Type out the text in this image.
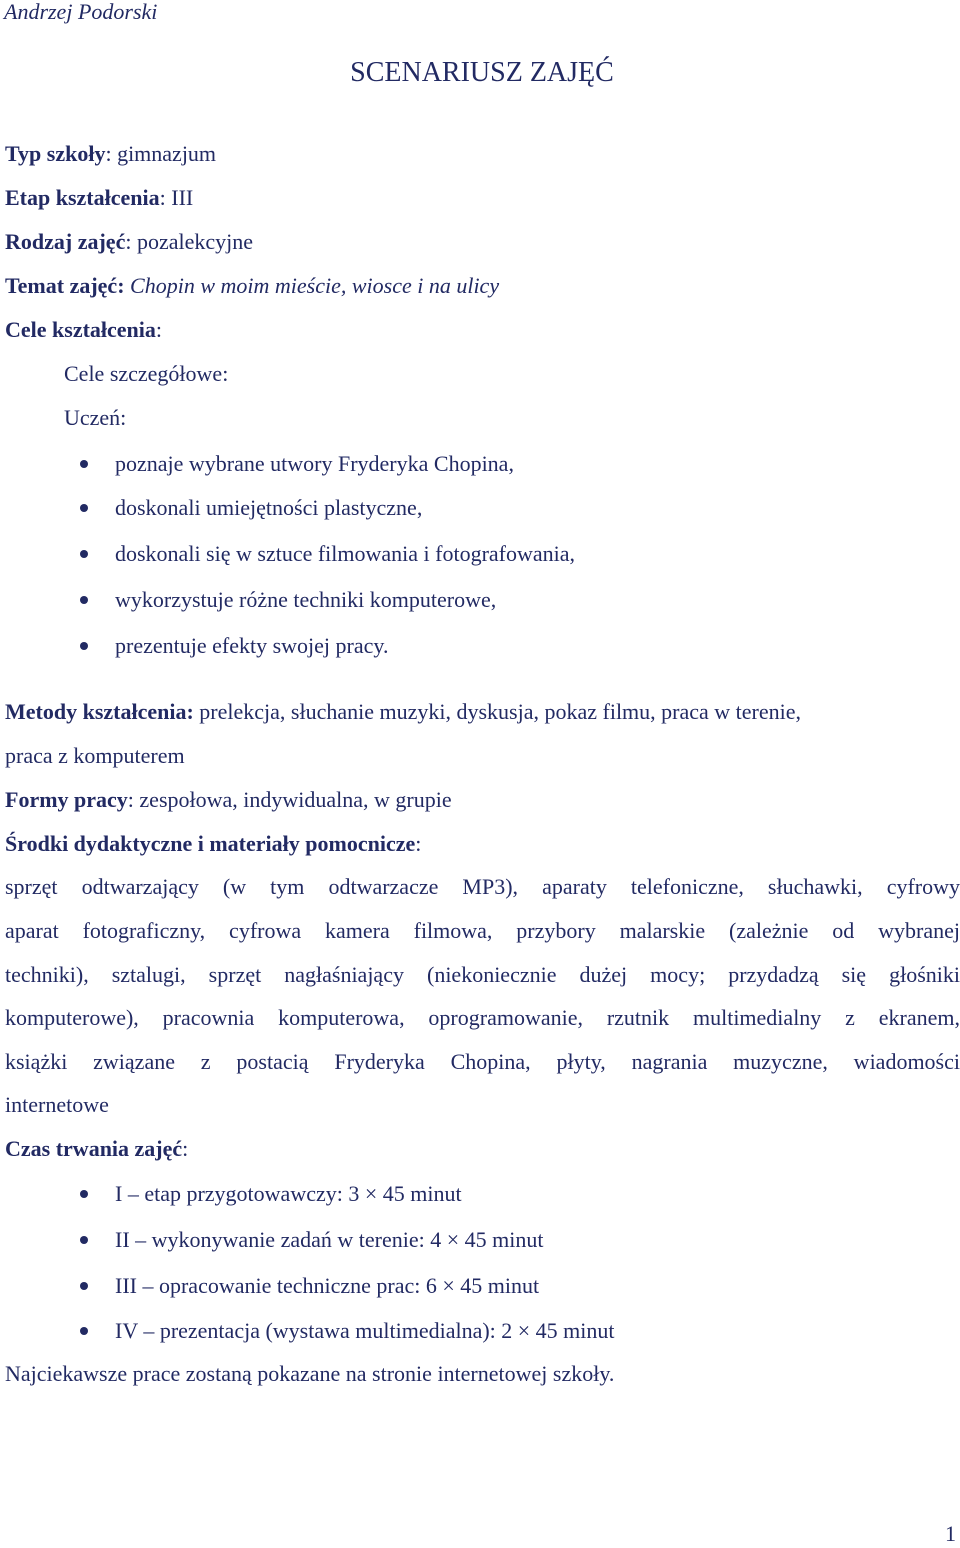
Andrzej Podorski
SCENARIUSZ ZAJĘĆ
Typ szkoły: gimnazjum
Etap kształcenia: III
Rodzaj zajęć: pozalekcyjne
Temat zajęć: Chopin w moim mieście, wiosce i na ulicy
Cele kształcenia:
Cele szczegółowe:
Uczeń:
poznaje wybrane utwory Fryderyka Chopina,
doskonali umiejętności plastyczne,
doskonali się w sztuce filmowania i fotografowania,
wykorzystuje różne techniki komputerowe,
prezentuje efekty swojej pracy.
Metody kształcenia: prelekcja, słuchanie muzyki, dyskusja, pokaz filmu, praca w terenie,
praca z komputerem
Formy pracy: zespołowa, indywidualna, w grupie
Środki dydaktyczne i materiały pomocnicze:
sprzęt odtwarzający (w tym odtwarzacze MP3), aparaty telefoniczne, słuchawki, cyfrowy
aparat fotograficzny, cyfrowa kamera filmowa, przybory malarskie (zależnie od wybranej
techniki), sztalugi, sprzęt nagłaśniający (niekoniecznie dużej mocy; przydadzą się głośniki
komputerowe), pracownia komputerowa, oprogramowanie, rzutnik multimedialny z ekranem,
książki związane z postacią Fryderyka Chopina, płyty, nagrania muzyczne, wiadomości
internetowe
Czas trwania zajęć:
I – etap przygotowawczy: 3 × 45 minut
II – wykonywanie zadań w terenie: 4 × 45 minut
III – opracowanie techniczne prac: 6 × 45 minut
IV – prezentacja (wystawa multimedialna): 2 × 45 minut
Najciekawsze prace zostaną pokazane na stronie internetowej szkoły.
1
